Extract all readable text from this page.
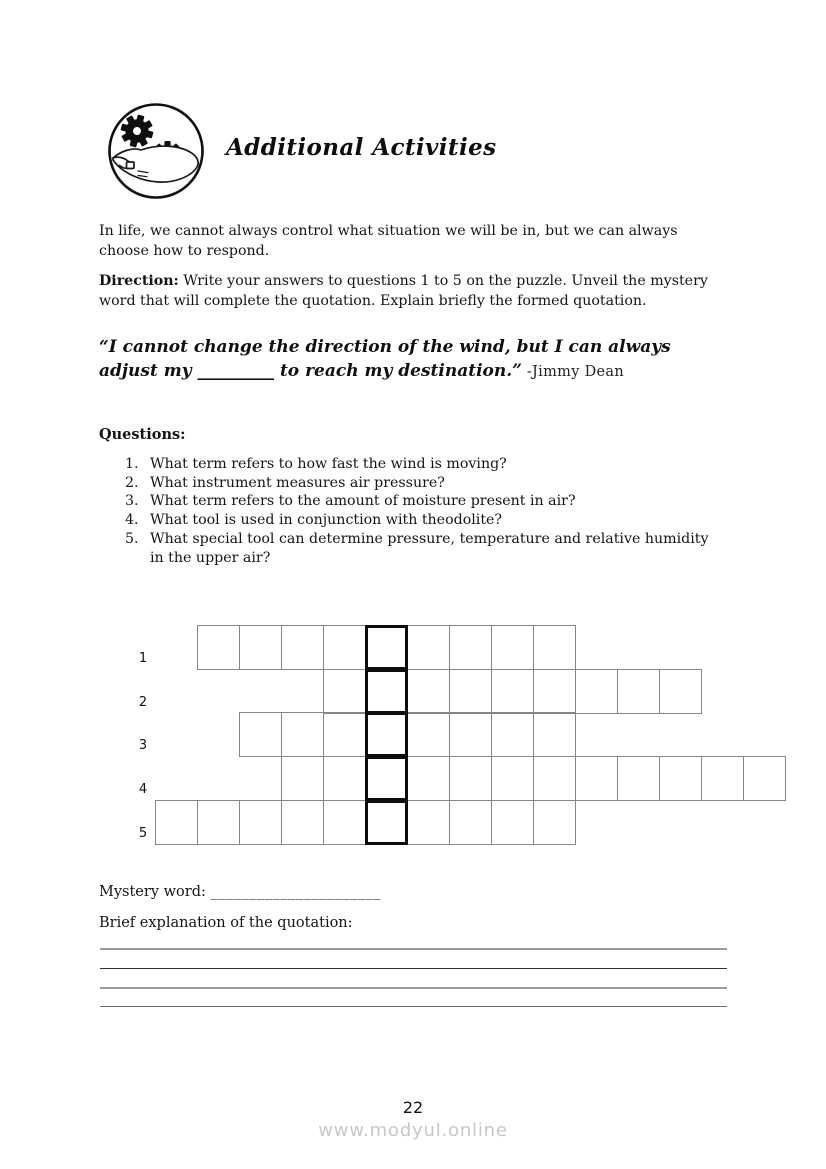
Additional Activities

In life, we cannot always control what situation we will be in, but we can always
choose how to respond.

Direction: Write your answers to questions 1 to 5 on the puzzle. Unveil the mystery
word that will complete the quotation. Explain briefly the formed quotation.

“I cannot change the direction of the wind, but I can always
adjust my _________ to reach my destination.” -Jimmy Dean
Questions:
1. What term refers to how fast the wind is moving?
2. What instrument measures air pressure?
3. What term refers to the amount of moisture present in air?
4. What tool is used in conjunction with theodolite?
5. What special tool can determine pressure, temperature and relative humidity
in the upper air?
1
2
3
4
5
Mystery word: ______________________
Brief explanation of the quotation:
22
www.modyul.online
